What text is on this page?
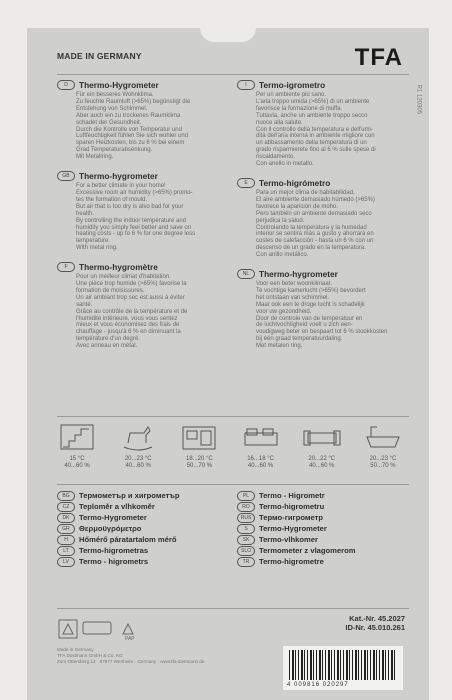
MADE IN GERMANY	TFA
R1 120305
D	Thermo-Hygrometer
Für ein besseres Wohnklima.
Zu feuchte Raumluft (>65%) begünstigt die
Entstehung von Schimmel.
Aber auch ein zu trockenes Raumklima
schadet der Gesundheit.
Durch die Kontrolle von Temperatur und
Luftfeuchtigkeit fühlen Sie sich wohler und
sparen Heizkosten, bis zu 6 % bei einem
Grad Temperaturabsenkung.
Mit Metallring.
GB	Thermo-hygrometer
For a better climate in your home!
Excessive room air humidity (>65%) promo-
tes the formation of mould.
But air that is too dry is also bad for your
health.
By controlling the indoor temperature and
humidity you simply feel better and save on
heating costs - up to 6 % for one degree less
temperature.
With metal ring.
F	Thermo-hygromètre
Pour un meilleur climat d'habitation.
Une pièce trop humide (>65%) favorise la
formation de moisissures.
Un air ambiant trop sec est aussi à éviter
santé.
Grâce au contrôle de la température et de
l'humidité intérieure, vous vous sentez
mieux et vous économisez des frais de
chauffage - jusqu'à 6 % en diminuant la
température d'un degré.
Avec anneau en métal.
I	Termo-igrometro
Per un ambiente più sano.
L'aria troppo umida (>65%) di un ambiente
favorisce la formazione di muffa.
Tuttavia, anche un ambiente troppo secco
nuoce alla salute.
Con il controllo della temperatura e dell'umi-
dità dell'aria interna in ambiente migliore con
un abbassamento della temperatura di un
grado risparmierete fino al 6 % sulle spese di
riscaldamento.
Con anello in metallo.
E	Termo-higrómetro
Para un mejor clima de habitabilidad.
El aire ambiente demasiado húmedo (>65%)
favorece la aparición de moho.
Pero también un ambiente demasiado seco
perjudica la salud.
Controlando la temperatura y la humedad
interior se sentirá más a gusto y ahorrará en
costes de calefacción - hasta un 6 % con un
descenso de un grado en la temperatura.
Con anillo metálico.
NL	Thermo-hygrometer
Voor een beter woonklimaat.
Te vochtige kamerlucht (>65%) bevordert
het ontstaan van schimmel.
Maar ook een te droge lucht is schadelijk
voor uw gezondheid.
Door de controle van de temperatuur en
de luchtvochtigheid voelt u zich een-
voudigweg beter en bespaart tot 6 % stookkosten
bij één graad temperatuurdaling.
Met metalen ring.
15 °C
40...60 %
20...23 °C
40...60 %
18...20 °C
50...70 %
16...18 °C
40...60 %
20...22 °C
40...60 %
20...23 °C
50...70 %
BG	Термометър и хигрометър
CZ	Teploměr a vlhkoměr
DK	Termo-Hygrometer
GR	Θερμοϋγρόμετρο
H	Hőmérő páratartalom mérő
LT	Termo-higrometras
LV	Termo - higrometrs
PL	Termo - Higrometr
RO	Termo-higrometru
RUS	Термо-гигрометр
S	Termo-Hygrometer
SK	Termo-vlhkomer
SLO	Termometer z vlagomerom
TR	Termo-higrometre
PAP
Made in Germany
TFA Dostmann GmbH & Co. KG
Zum Ottersberg 12 · 97877 Wertheim · Germany · www.tfa-dostmann.de
Kat.-Nr. 45.2027
ID-Nr. 45.010.261
4 009816 020297
